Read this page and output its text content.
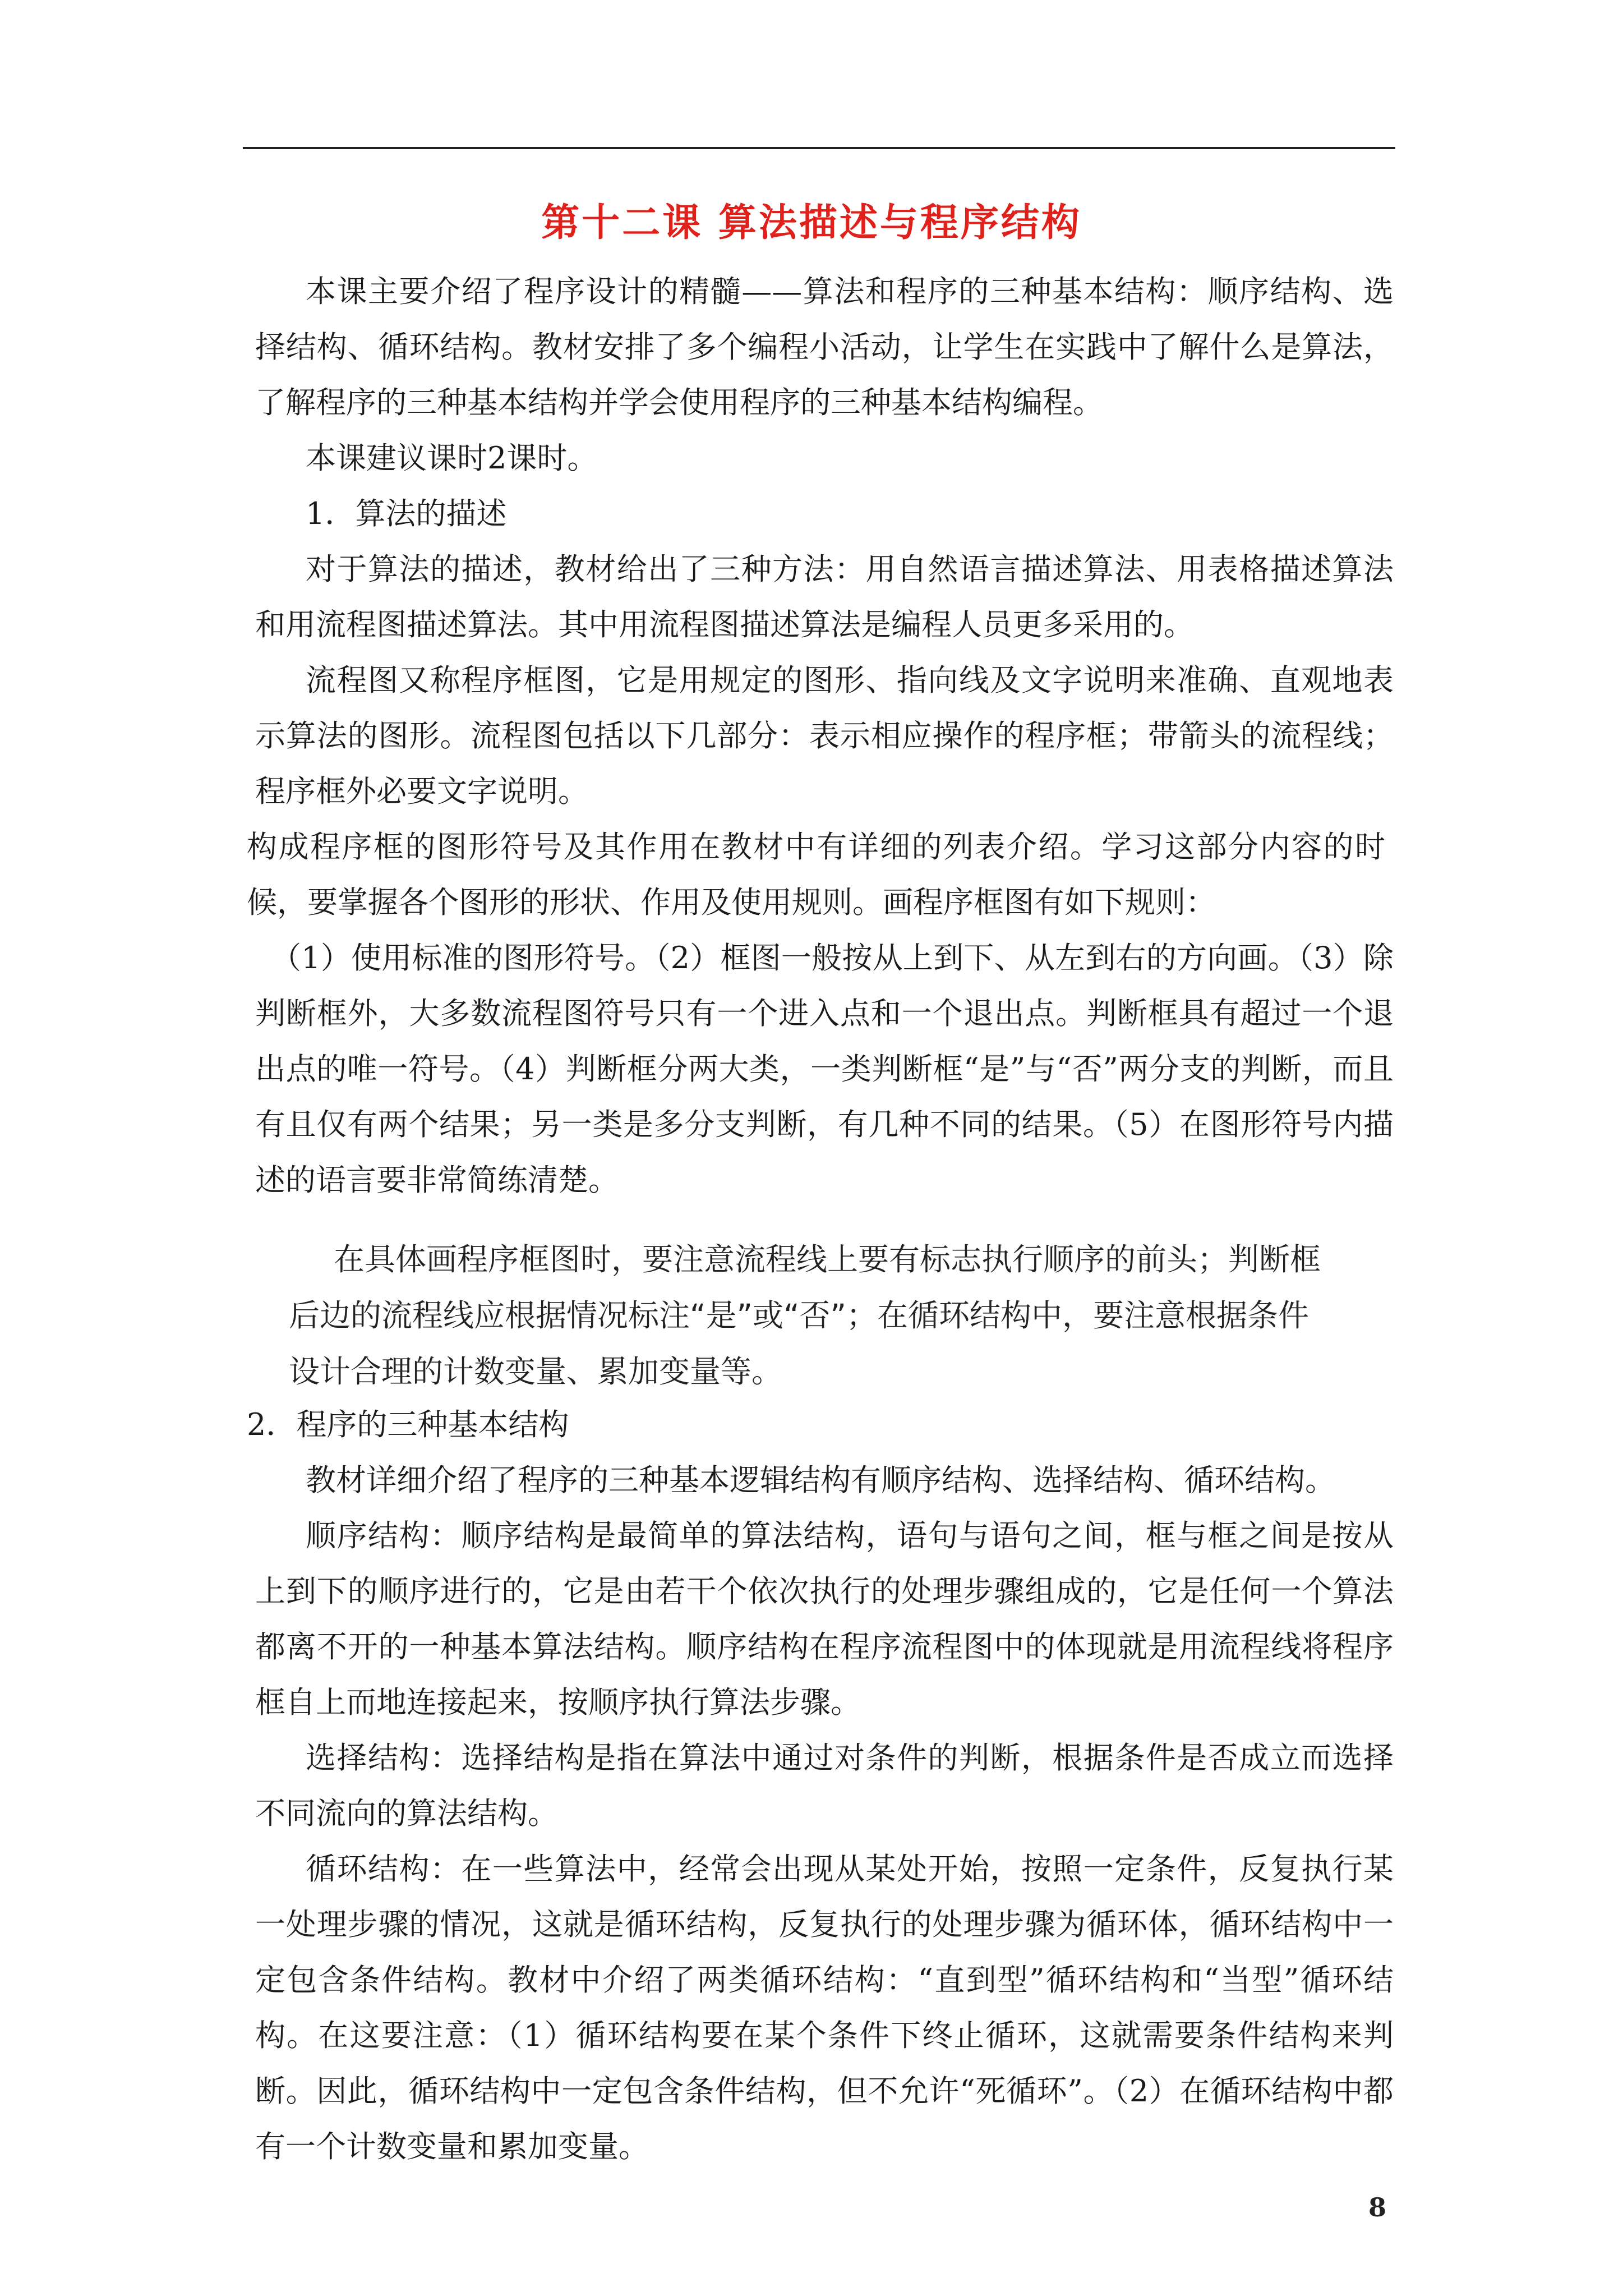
第十二课 算法描述与程序结构

本课主要介绍了程序设计的精髓——算法和程序的三种基本结构：顺序结构、选择结构、循环结构。教材安排了多个编程小活动，让学生在实践中了解什么是算法，了解程序的三种基本结构并学会使用程序的三种基本结构编程。

本课建议课时2课时。

1．算法的描述

对于算法的描述，教材给出了三种方法：用自然语言描述算法、用表格描述算法和用流程图描述算法。其中用流程图描述算法是编程人员更多采用的。

流程图又称程序框图，它是用规定的图形、指向线及文字说明来准确、直观地表示算法的图形。流程图包括以下几部分：表示相应操作的程序框；带箭头的流程线；程序框外必要文字说明。

构成程序框的图形符号及其作用在教材中有详细的列表介绍。学习这部分内容的时候，要掌握各个图形的形状、作用及使用规则。画程序框图有如下规则：

（1）使用标准的图形符号。（2）框图一般按从上到下、从左到右的方向画。（3）除判断框外，大多数流程图符号只有一个进入点和一个退出点。判断框具有超过一个退出点的唯一符号。（4）判断框分两大类，一类判断框“是”与“否”两分支的判断，而且有且仅有两个结果；另一类是多分支判断，有几种不同的结果。（5）在图形符号内描述的语言要非常简练清楚。

在具体画程序框图时，要注意流程线上要有标志执行顺序的前头；判断框
后边的流程线应根据情况标注“是”或“否”；在循环结构中，要注意根据条件
设计合理的计数变量、累加变量等。

2．程序的三种基本结构

教材详细介绍了程序的三种基本逻辑结构有顺序结构、选择结构、循环结构。

顺序结构：顺序结构是最简单的算法结构，语句与语句之间，框与框之间是按从上到下的顺序进行的，它是由若干个依次执行的处理步骤组成的，它是任何一个算法都离不开的一种基本算法结构。顺序结构在程序流程图中的体现就是用流程线将程序框自上而地连接起来，按顺序执行算法步骤。

选择结构：选择结构是指在算法中通过对条件的判断，根据条件是否成立而选择不同流向的算法结构。

循环结构：在一些算法中，经常会出现从某处开始，按照一定条件，反复执行某一处理步骤的情况，这就是循环结构，反复执行的处理步骤为循环体，循环结构中一定包含条件结构。教材中介绍了两类循环结构：“直到型”循环结构和“当型”循环结构。在这要注意：（1）循环结构要在某个条件下终止循环，这就需要条件结构来判断。因此，循环结构中一定包含条件结构，但不允许“死循环”。（2）在循环结构中都有一个计数变量和累加变量。

8
